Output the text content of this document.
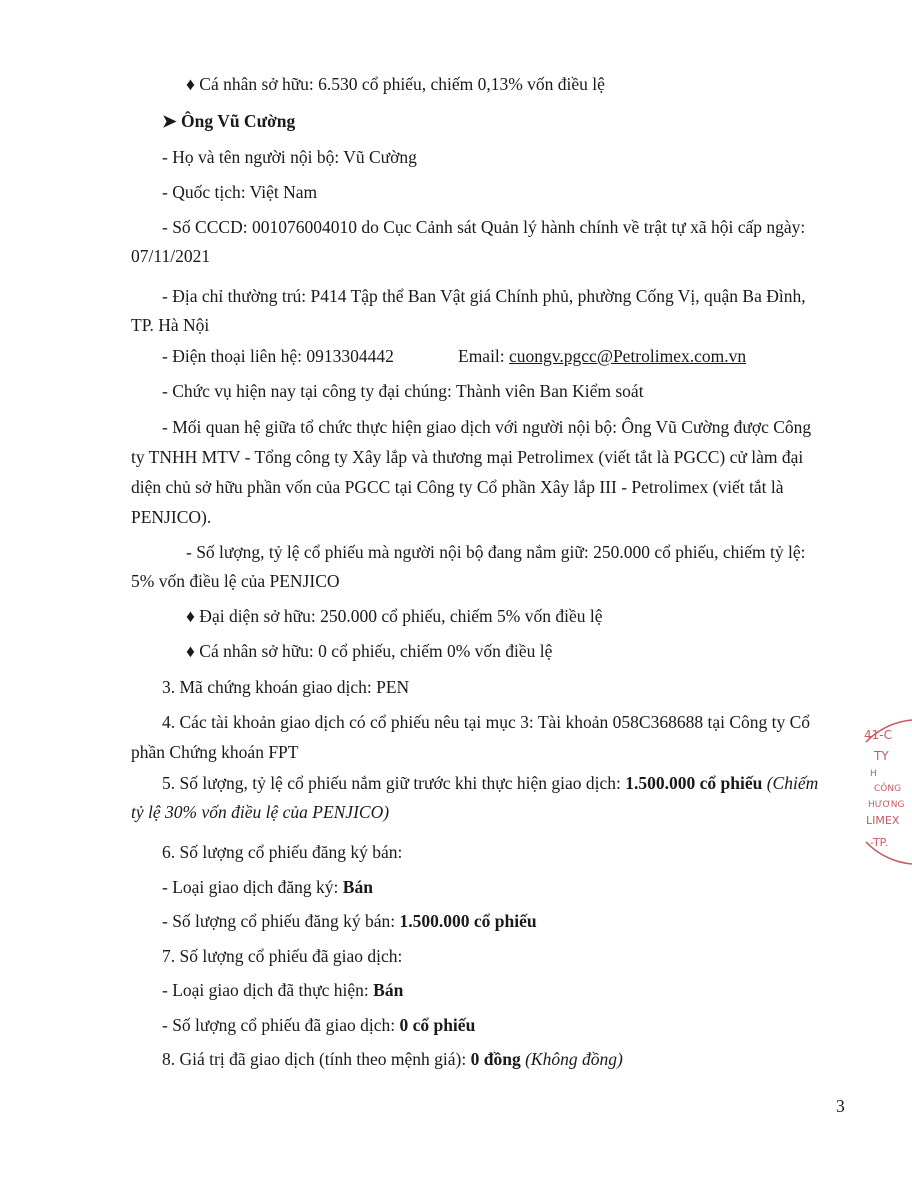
♦ Cá nhân sở hữu: 6.530 cổ phiếu, chiếm 0,13% vốn điều lệ
➤ Ông Vũ Cường
- Họ và tên người nội bộ: Vũ Cường
- Quốc tịch: Việt Nam
- Số CCCD: 001076004010 do Cục Cảnh sát Quản lý hành chính về trật tự xã hội cấp ngày:
07/11/2021
- Địa chỉ thường trú: P414 Tập thể Ban Vật giá Chính phủ, phường Cống Vị, quận Ba Đình,
TP. Hà Nội
- Điện thoại liên hệ: 0913304442	Email: cuongv.pgcc@Petrolimex.com.vn
- Chức vụ hiện nay tại công ty đại chúng: Thành viên Ban Kiểm soát
- Mối quan hệ giữa tổ chức thực hiện giao dịch với người nội bộ: Ông Vũ Cường được Công
ty TNHH MTV - Tổng công ty Xây lắp và thương mại Petrolimex (viết tắt là PGCC) cử làm đại
diện chủ sở hữu phần vốn của PGCC tại Công ty Cổ phần Xây lắp III - Petrolimex (viết tắt là
PENJICO).
- Số lượng, tỷ lệ cổ phiếu mà người nội bộ đang nắm giữ: 250.000 cổ phiếu, chiếm tỷ lệ:
5% vốn điều lệ của PENJICO
♦ Đại diện sở hữu: 250.000 cổ phiếu, chiếm 5% vốn điều lệ
♦ Cá nhân sở hữu: 0 cổ phiếu, chiếm 0% vốn điều lệ
3. Mã chứng khoán giao dịch: PEN
4. Các tài khoản giao dịch có cổ phiếu nêu tại mục 3: Tài khoản 058C368688 tại Công ty Cổ
phần Chứng khoán FPT
5. Số lượng, tỷ lệ cổ phiếu nắm giữ trước khi thực hiện giao dịch: 1.500.000 cổ phiếu (Chiếm
tỷ lệ 30% vốn điều lệ của PENJICO)
6. Số lượng cổ phiếu đăng ký bán:
- Loại giao dịch đăng ký: Bán
- Số lượng cổ phiếu đăng ký bán: 1.500.000 cổ phiếu
7. Số lượng cổ phiếu đã giao dịch:
- Loại giao dịch đã thực hiện: Bán
- Số lượng cổ phiếu đã giao dịch: 0 cổ phiếu
8. Giá trị đã giao dịch (tính theo mệnh giá): 0 đồng (Không đồng)
3
41-C
TY
H
CÔNG
HƯƠNG
LIMEX
-TP.
